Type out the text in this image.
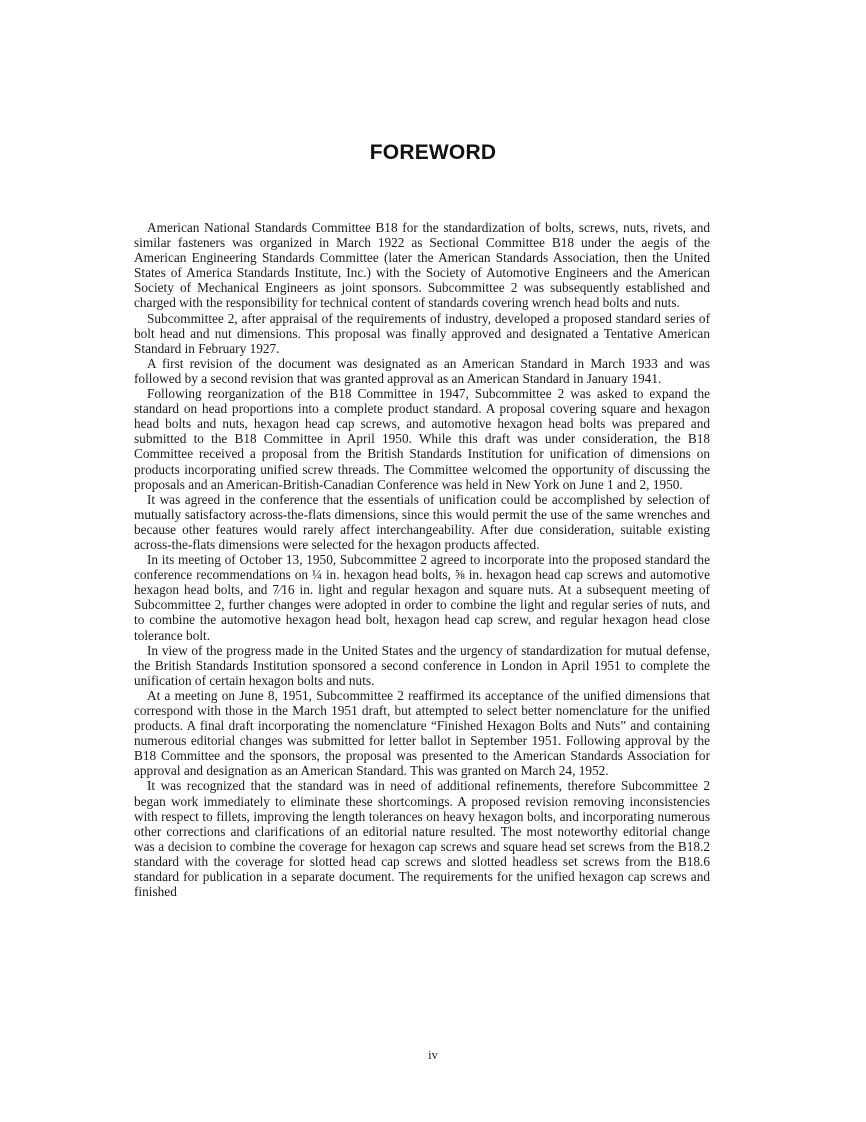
FOREWORD

American National Standards Committee B18 for the standardization of bolts, screws, nuts, rivets, and similar fasteners was organized in March 1922 as Sectional Committee B18 under the aegis of the American Engineering Standards Committee (later the American Standards Association, then the United States of America Standards Institute, Inc.) with the Society of Automotive Engineers and the American Society of Mechanical Engineers as joint sponsors. Subcommittee 2 was subsequently established and charged with the responsibility for technical content of standards covering wrench head bolts and nuts.

Subcommittee 2, after appraisal of the requirements of industry, developed a proposed standard series of bolt head and nut dimensions. This proposal was finally approved and designated a Tentative American Standard in February 1927.

A first revision of the document was designated as an American Standard in March 1933 and was followed by a second revision that was granted approval as an American Standard in January 1941.

Following reorganization of the B18 Committee in 1947, Subcommittee 2 was asked to expand the standard on head proportions into a complete product standard. A proposal covering square and hexagon head bolts and nuts, hexagon head cap screws, and automotive hexagon head bolts was prepared and submitted to the B18 Committee in April 1950. While this draft was under consideration, the B18 Committee received a proposal from the British Standards Institution for unification of dimensions on products incorporating unified screw threads. The Committee welcomed the opportunity of discussing the proposals and an American-British-Canadian Conference was held in New York on June 1 and 2, 1950.

It was agreed in the conference that the essentials of unification could be accomplished by selection of mutually satisfactory across-the-flats dimensions, since this would permit the use of the same wrenches and because other features would rarely affect interchangeability. After due consideration, suitable existing across-the-flats dimensions were selected for the hexagon products affected.

In its meeting of October 13, 1950, Subcommittee 2 agreed to incorporate into the proposed standard the conference recommendations on ¼ in. hexagon head bolts, ⅝ in. hexagon head cap screws and automotive hexagon head bolts, and 7⁄16 in. light and regular hexagon and square nuts. At a subsequent meeting of Subcommittee 2, further changes were adopted in order to combine the light and regular series of nuts, and to combine the automotive hexagon head bolt, hexagon head cap screw, and regular hexagon head close tolerance bolt.

In view of the progress made in the United States and the urgency of standardization for mutual defense, the British Standards Institution sponsored a second conference in London in April 1951 to complete the unification of certain hexagon bolts and nuts.

At a meeting on June 8, 1951, Subcommittee 2 reaffirmed its acceptance of the unified dimensions that correspond with those in the March 1951 draft, but attempted to select better nomenclature for the unified products. A final draft incorporating the nomenclature “Finished Hexagon Bolts and Nuts” and containing numerous editorial changes was submitted for letter ballot in September 1951. Following approval by the B18 Committee and the sponsors, the proposal was presented to the American Standards Association for approval and designation as an American Standard. This was granted on March 24, 1952.

It was recognized that the standard was in need of additional refinements, therefore Subcommittee 2 began work immediately to eliminate these shortcomings. A proposed revision removing inconsistencies with respect to fillets, improving the length tolerances on heavy hexagon bolts, and incorporating numerous other corrections and clarifications of an editorial nature resulted. The most noteworthy editorial change was a decision to combine the coverage for hexagon cap screws and square head set screws from the B18.2 standard with the coverage for slotted head cap screws and slotted headless set screws from the B18.6 standard for publication in a separate document. The requirements for the unified hexagon cap screws and finished

iv
